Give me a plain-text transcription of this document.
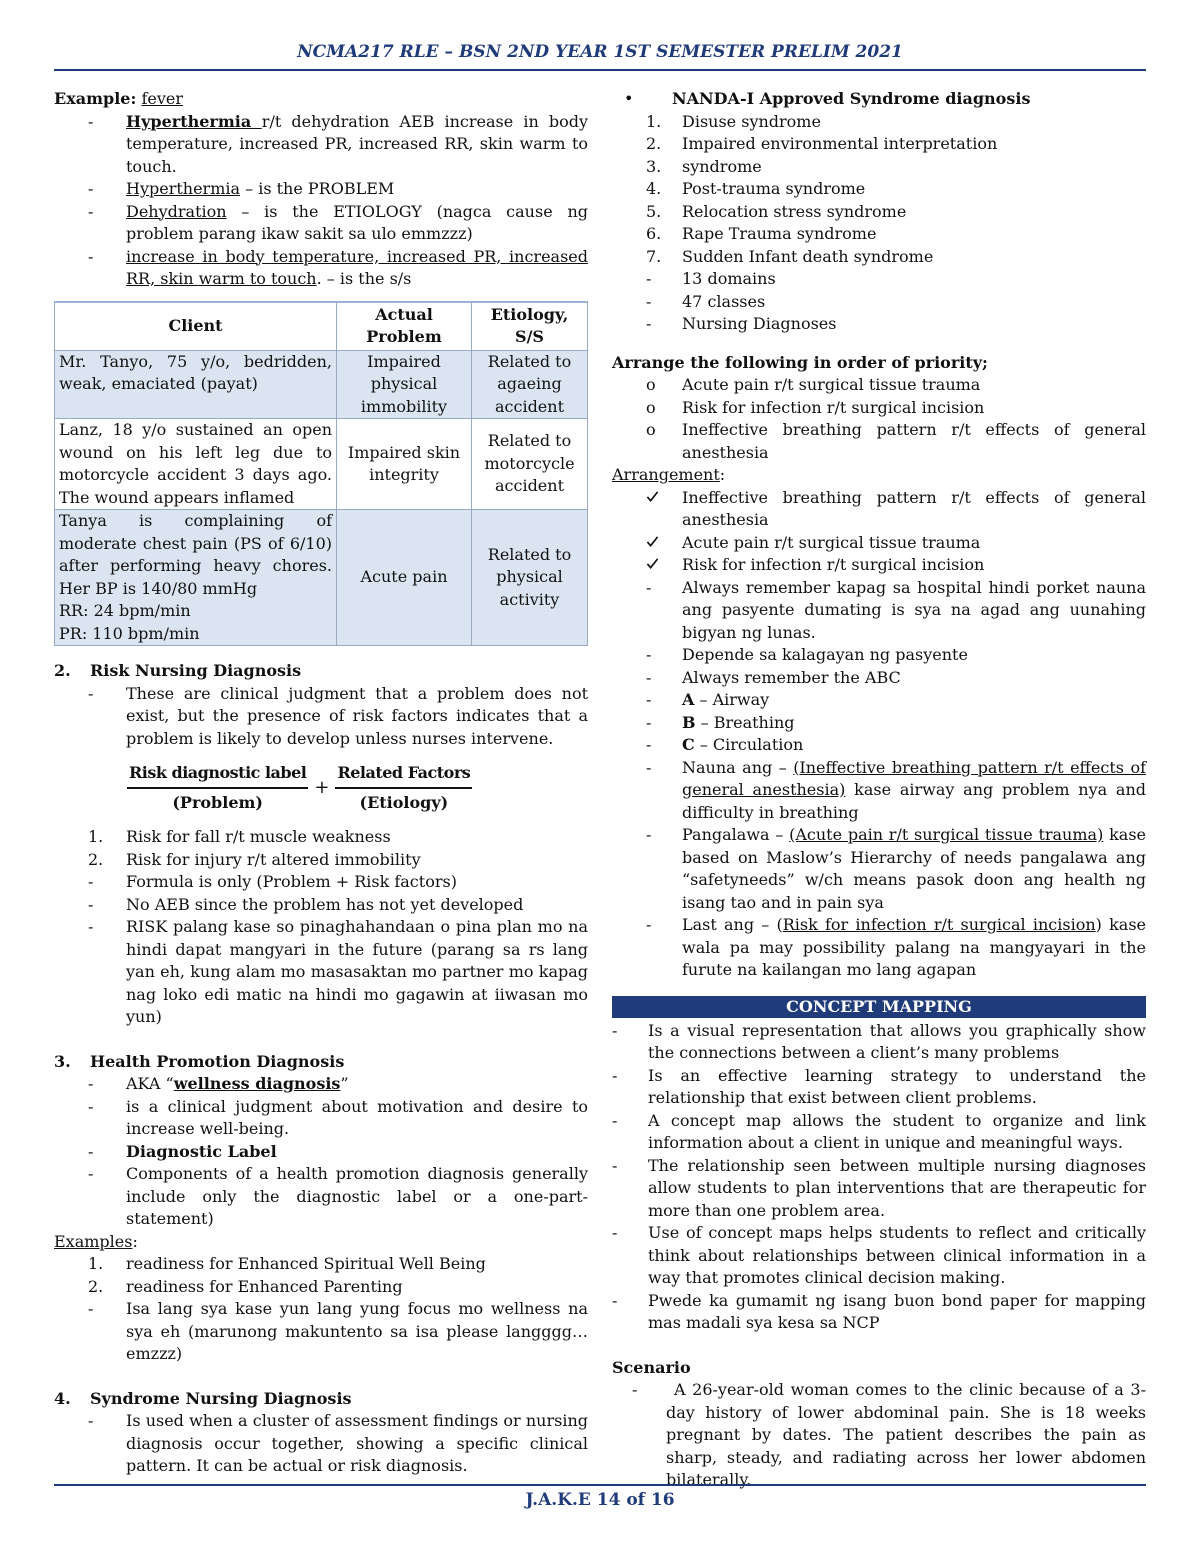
NCMA217 RLE – BSN 2ND YEAR 1ST SEMESTER PRELIM 2021
Example: fever
-	Hyperthermia r/t dehydration AEB increase in body temperature, increased PR, increased RR, skin warm to touch.
-	Hyperthermia – is the PROBLEM
-	Dehydration – is the ETIOLOGY (nagca cause ng problem parang ikaw sakit sa ulo emmzzz)
-	increase in body temperature, increased PR, increased RR, skin warm to touch. – is the s/s
Client	Actual Problem	Etiology, S/S
Mr. Tanyo, 75 y/o, bedridden, weak, emaciated (payat)	Impaired physical immobility	Related to agaeing accident
Lanz, 18 y/o sustained an open wound on his left leg due to motorcycle accident 3 days ago. The wound appears inflamed	Impaired skin integrity	Related to motorcycle accident

Tanya is complaining of moderate chest pain (PS of 6/10) after performing heavy chores. Her BP is 140/80 mmHg
RR: 24 bpm/min
PR: 110 bpm/min	Acute pain	Related to physical activity
2.	Risk Nursing Diagnosis
-	These are clinical judgment that a problem does not exist, but the presence of risk factors indicates that a problem is likely to develop unless nurses intervene.
$\frac{\text{Risk diagnostic label}}{\text{(Problem)}} + \frac{\text{Related Factors}}{\text{(Etiology)}}$
1.	Risk for fall r/t muscle weakness
2.	Risk for injury r/t altered immobility
-	Formula is only (Problem + Risk factors)
-	No AEB since the problem has not yet developed
-	RISK palang kase so pinaghahandaan o pina plan mo na hindi dapat mangyari in the future (parang sa rs lang yan eh, kung alam mo masasaktan mo partner mo kapag nag loko edi matic na hindi mo gagawin at iiwasan mo yun)
3.	Health Promotion Diagnosis
-	AKA “wellness diagnosis”
-	is a clinical judgment about motivation and desire to increase well-being.
-	Diagnostic Label
-	Components of a health promotion diagnosis generally include only the diagnostic label or a one-part-statement)
Examples:
1.	readiness for Enhanced Spiritual Well Being
2.	readiness for Enhanced Parenting
-	Isa lang sya kase yun lang yung focus mo wellness na sya eh (marunong makuntento sa isa please langggg… emzzz)
4.	Syndrome Nursing Diagnosis
-	Is used when a cluster of assessment findings or nursing diagnosis occur together, showing a specific clinical pattern. It can be actual or risk diagnosis.
•	NANDA-I Approved Syndrome diagnosis
1.	Disuse syndrome
2.	Impaired environmental interpretation
3.	syndrome
4.	Post-trauma syndrome
5.	Relocation stress syndrome
6.	Rape Trauma syndrome
7.	Sudden Infant death syndrome
-	13 domains
-	47 classes
-	Nursing Diagnoses
Arrange the following in order of priority;
o	Acute pain r/t surgical tissue trauma
o	Risk for infection r/t surgical incision
o	Ineffective breathing pattern r/t effects of general anesthesia
Arrangement:
Ineffective breathing pattern r/t effects of general anesthesia
Acute pain r/t surgical tissue trauma
Risk for infection r/t surgical incision
-	Always remember kapag sa hospital hindi porket nauna ang pasyente dumating is sya na agad ang uunahing bigyan ng lunas.
-	Depende sa kalagayan ng pasyente
-	Always remember the ABC
-	A – Airway
-	B – Breathing
-	C – Circulation
-	Nauna ang – (Ineffective breathing pattern r/t effects of general anesthesia) kase airway ang problem nya and difficulty in breathing
-	Pangalawa – (Acute pain r/t surgical tissue trauma) kase based on Maslow’s Hierarchy of needs pangalawa ang “safetyneeds” w/ch means pasok doon ang health ng isang tao and in pain sya
-	Last ang – (Risk for infection r/t surgical incision) kase wala pa may possibility palang na mangyayari in the furute na kailangan mo lang agapan
CONCEPT MAPPING
-	Is a visual representation that allows you graphically show the connections between a client’s many problems
-	Is an effective learning strategy to understand the relationship that exist between client problems.
-	A concept map allows the student to organize and link information about a client in unique and meaningful ways.
-	The relationship seen between multiple nursing diagnoses allow students to plan interventions that are therapeutic for more than one problem area.
-	Use of concept maps helps students to reflect and critically think about relationships between clinical information in a way that promotes clinical decision making.
-	Pwede ka gumamit ng isang buon bond paper for mapping mas madali sya kesa sa NCP
Scenario
-	A 26-year-old woman comes to the clinic because of a 3-day history of lower abdominal pain. She is 18 weeks pregnant by dates. The patient describes the pain as sharp, steady, and radiating across her lower abdomen bilaterally.
J.A.K.E 14 of 16
